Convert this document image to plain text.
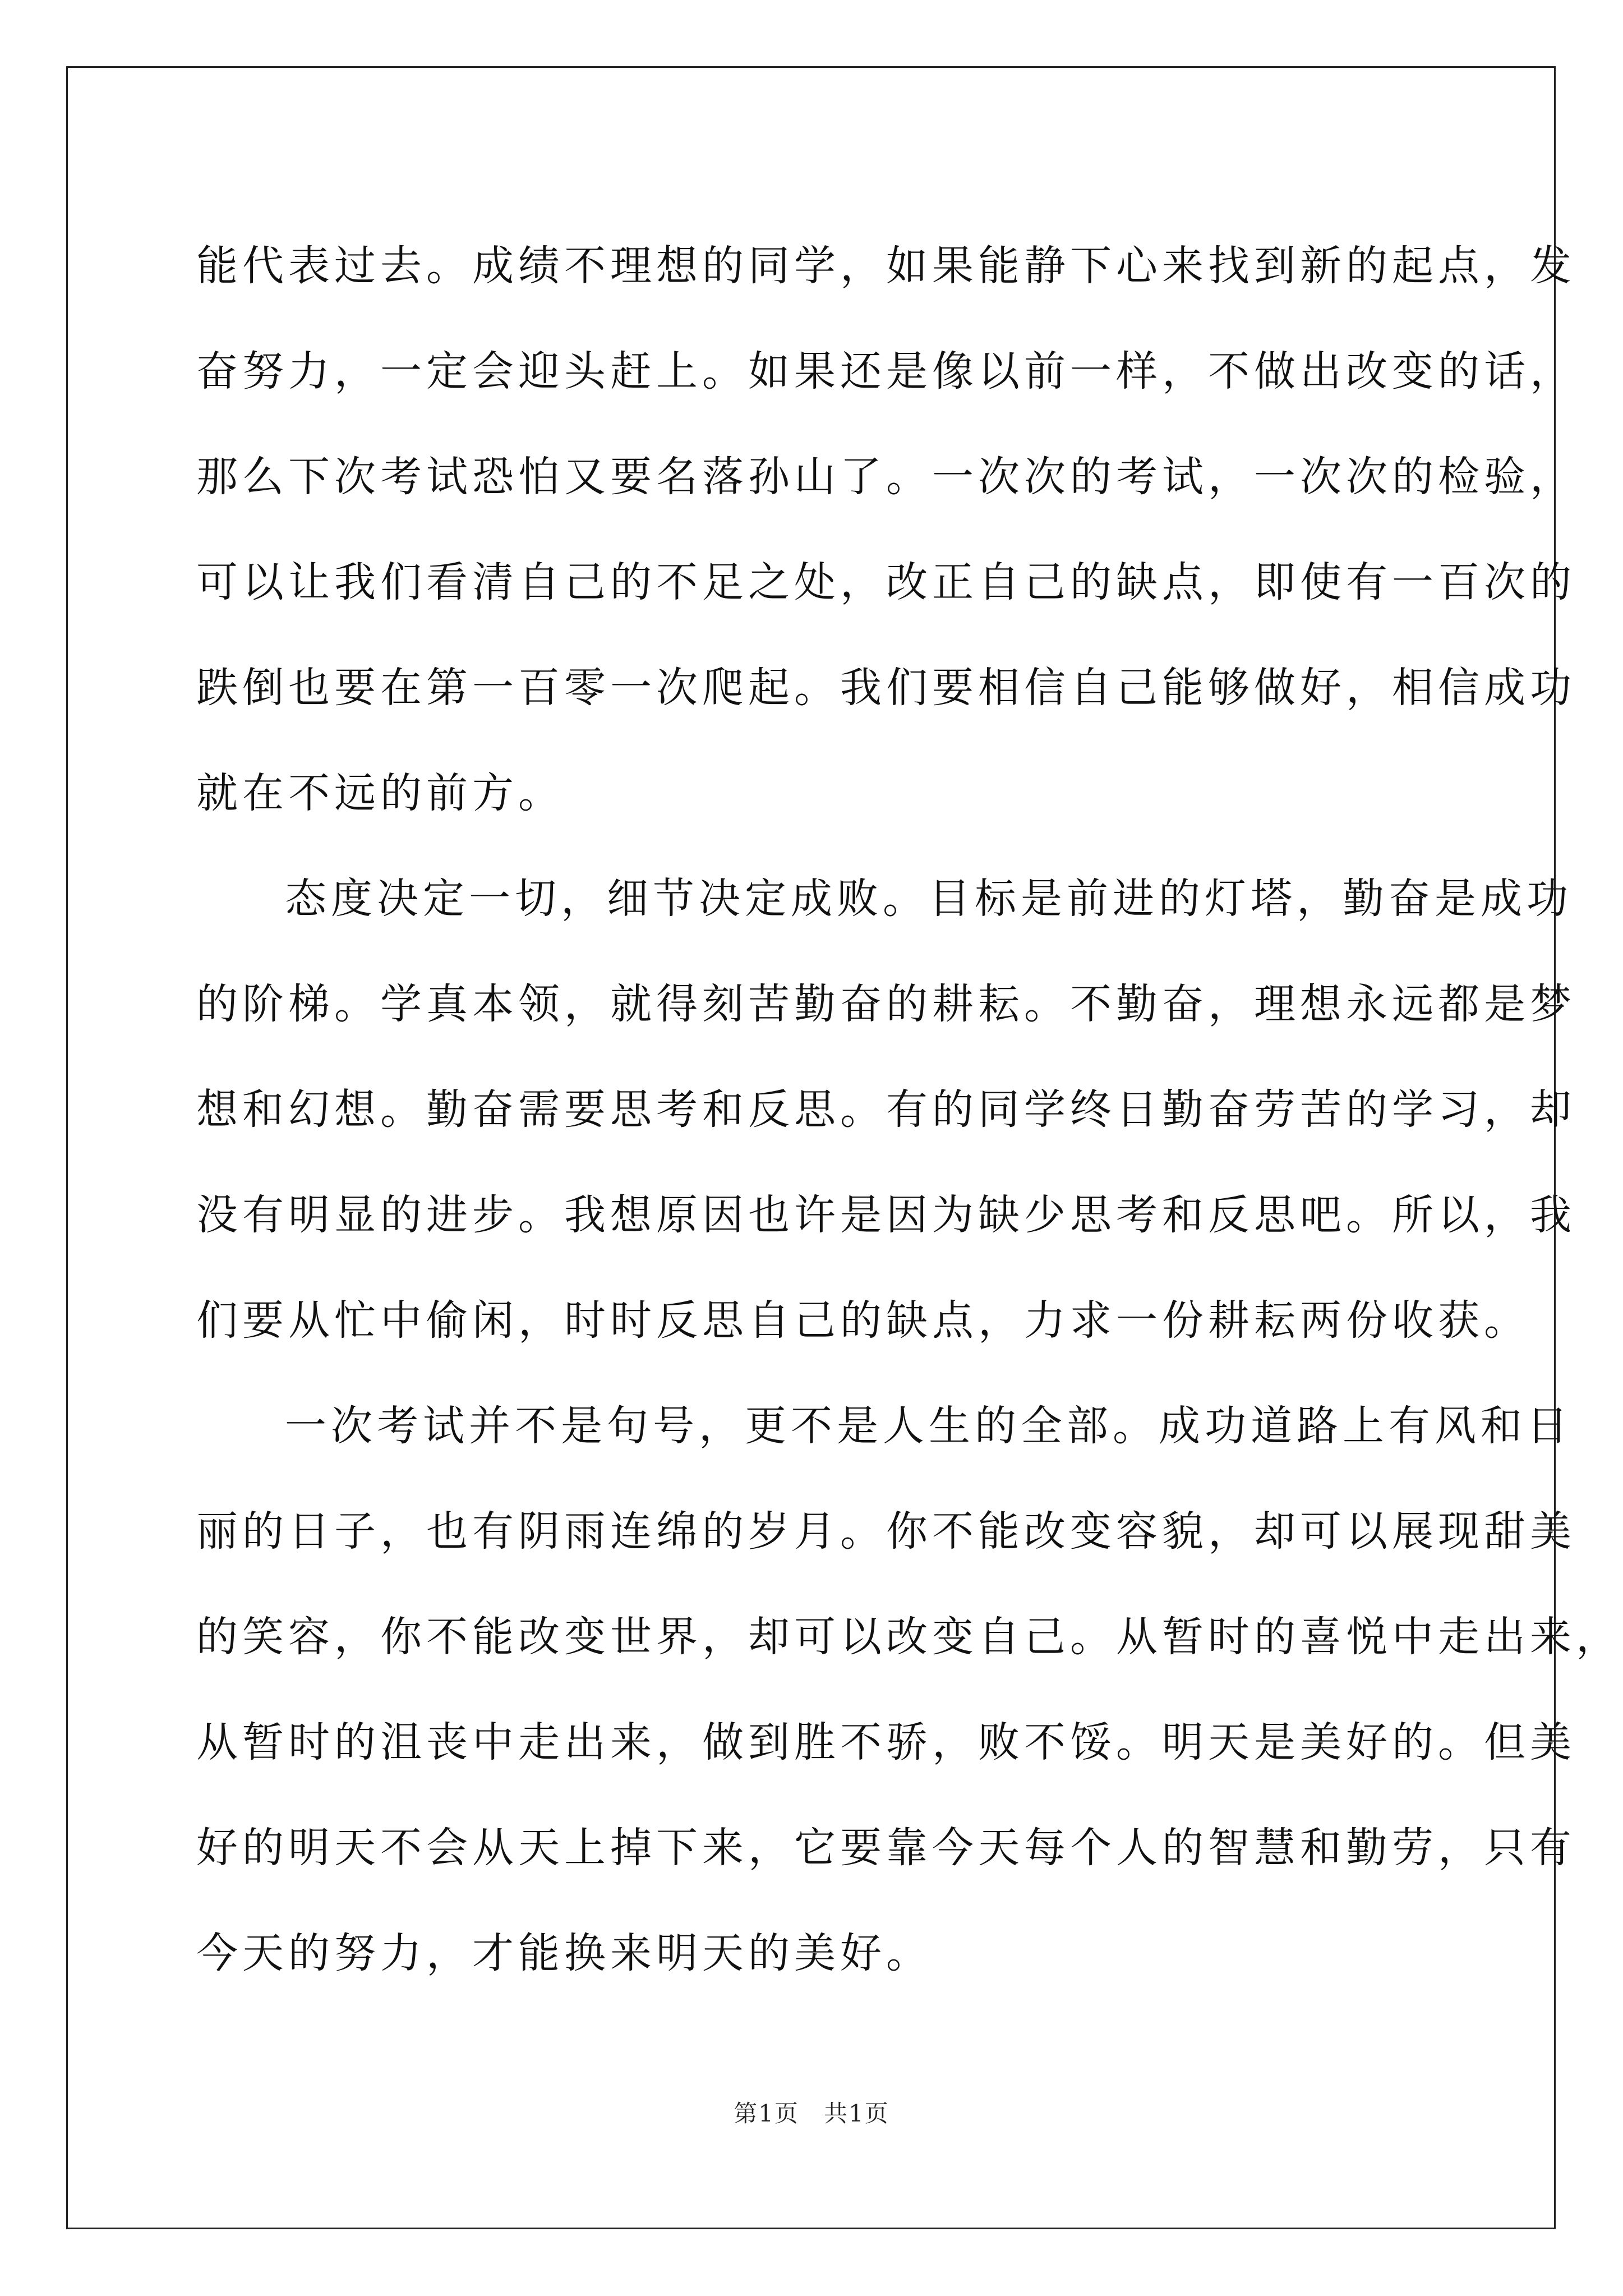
能代表过去。成绩不理想的同学，如果能静下心来找到新的起点，发
奋努力，一定会迎头赶上。如果还是像以前一样，不做出改变的话，
那么下次考试恐怕又要名落孙山了。一次次的考试，一次次的检验，
可以让我们看清自己的不足之处，改正自己的缺点，即使有一百次的
跌倒也要在第一百零一次爬起。我们要相信自己能够做好，相信成功
就在不远的前方。
态度决定一切，细节决定成败。目标是前进的灯塔，勤奋是成功
的阶梯。学真本领，就得刻苦勤奋的耕耘。不勤奋，理想永远都是梦
想和幻想。勤奋需要思考和反思。有的同学终日勤奋劳苦的学习，却
没有明显的进步。我想原因也许是因为缺少思考和反思吧。所以，我
们要从忙中偷闲，时时反思自己的缺点，力求一份耕耘两份收获。
一次考试并不是句号，更不是人生的全部。成功道路上有风和日
丽的日子，也有阴雨连绵的岁月。你不能改变容貌，却可以展现甜美
的笑容，你不能改变世界，却可以改变自己。从暂时的喜悦中走出来，
从暂时的沮丧中走出来，做到胜不骄，败不馁。明天是美好的。但美
好的明天不会从天上掉下来，它要靠今天每个人的智慧和勤劳，只有
今天的努力，才能换来明天的美好。
第1页　共1页
